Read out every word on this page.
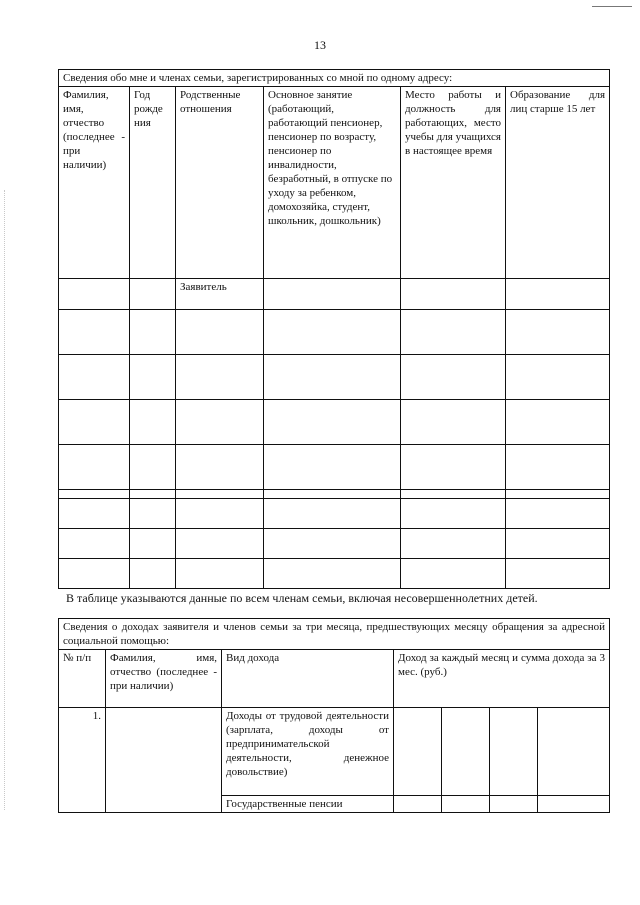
13
Сведения обо мне и членах семьи, зарегистрированных со мной по одному адресу:					
Фамилия, имя, отчество (последнее - при наличии)	Год рожде ния	Родственные отношения	Основное занятие (работающий, работающий пенсионер, пенсионер по возрасту, пенсионер по инвалидности, безработный, в отпуске по уходу за ребенком, домохозяйка, студент, школьник, дошкольник)	Место работы и должность для работающих, место учебы для учащихся в настоящее время	Образование для лиц старше 15 лет
		Заявитель			

В таблице указываются данные по всем членам семьи, включая несовершеннолетних детей.
Сведения о доходах заявителя и членов семьи за три месяца, предшествующих месяцу обращения за адресной социальной помощью:						
№ п/п	Фамилия, имя, отчество (последнее - при наличии)	Вид дохода	Доход за каждый месяц и сумма дохода за 3 мес. (руб.)			
1.		Доходы от трудовой деятельности (зарплата, доходы от предпринимательской деятельности, денежное довольствие)				
		Государственные пенсии				
